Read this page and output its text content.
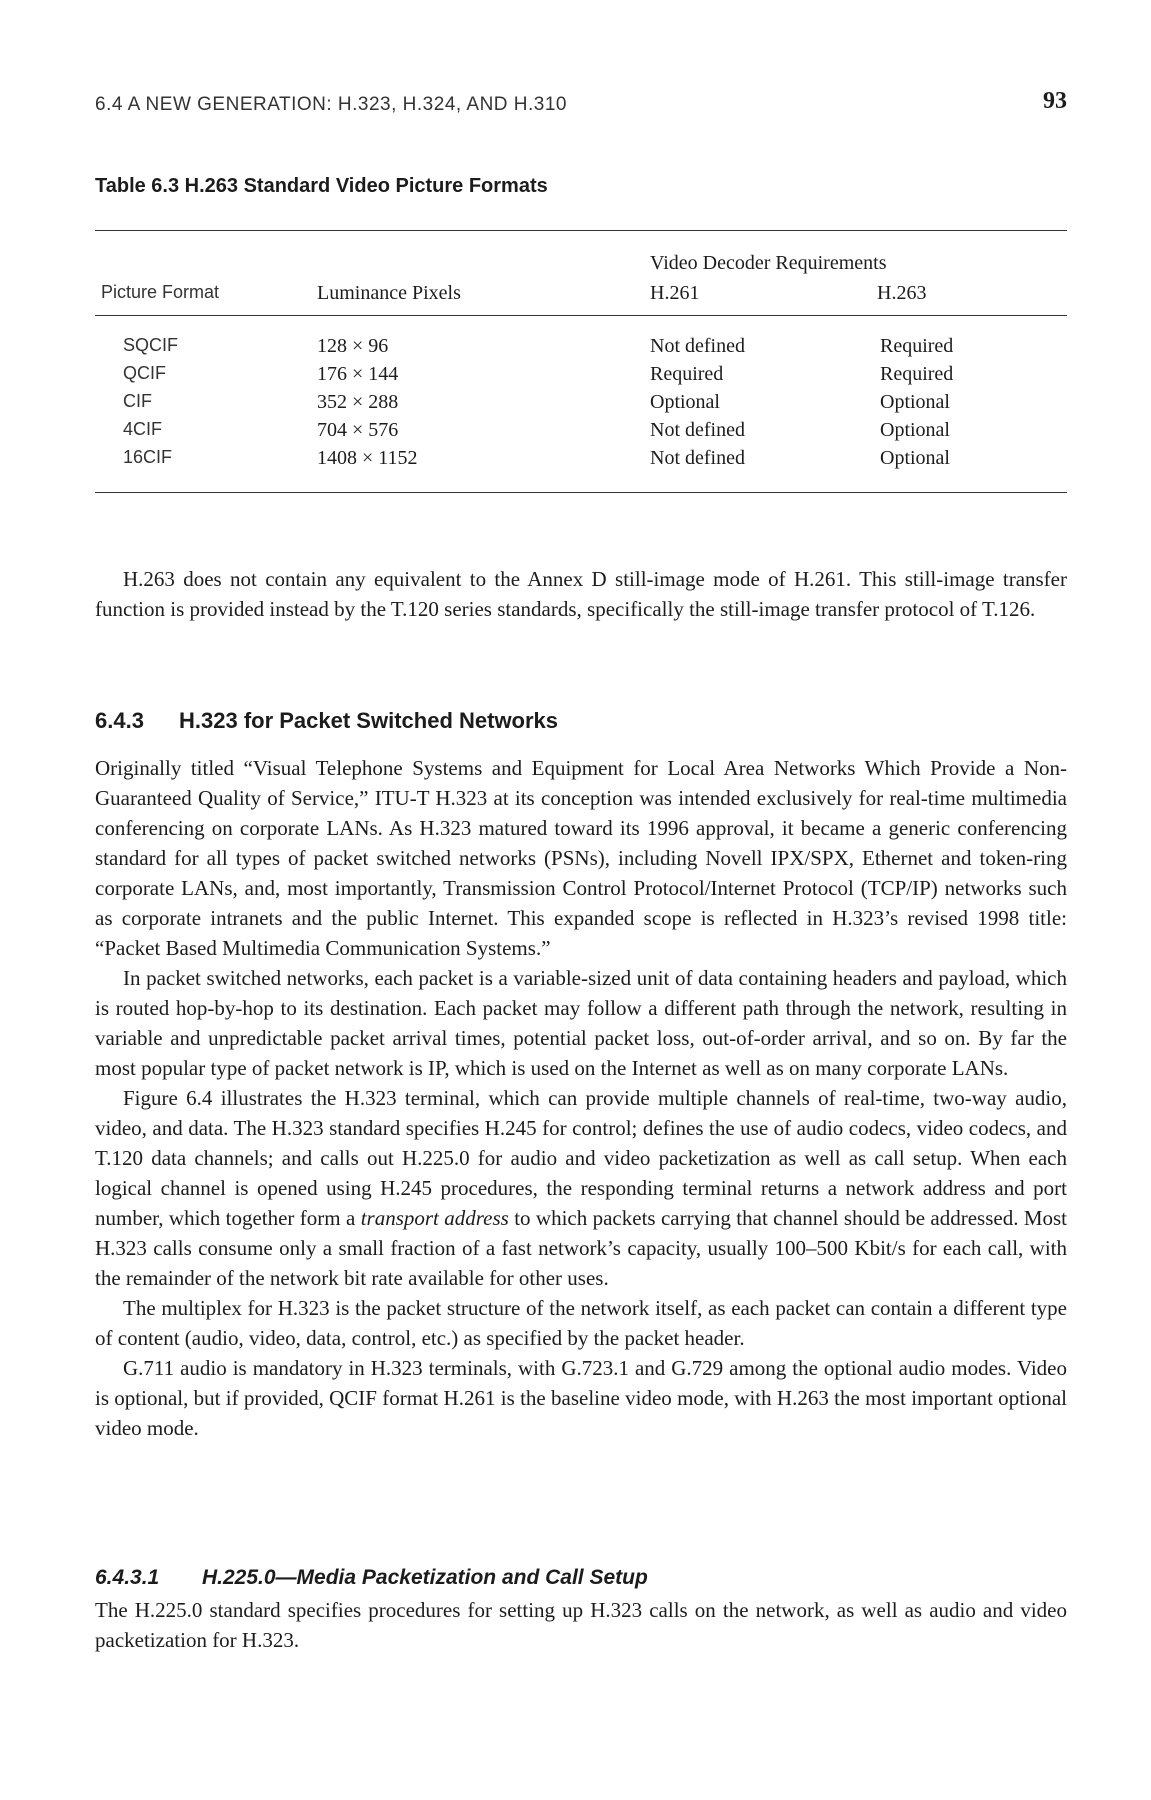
6.4 A NEW GENERATION: H.323, H.324, AND H.310	93
Table 6.3 H.263 Standard Video Picture Formats
Video Decoder Requirements
Picture Format	Luminance Pixels	H.261	H.263
SQCIF	128 × 96	Not defined	Required
QCIF	176 × 144	Required	Required
CIF	352 × 288	Optional	Optional
4CIF	704 × 576	Not defined	Optional
16CIF	1408 × 1152	Not defined	Optional

H.263 does not contain any equivalent to the Annex D still-image mode of H.261. This still-image transfer function is provided instead by the T.120 series standards, specifically the still-image transfer protocol of T.126.

6.4.3 H.323 for Packet Switched Networks

Originally titled “Visual Telephone Systems and Equipment for Local Area Networks Which Provide a Non-Guaranteed Quality of Service,” ITU-T H.323 at its conception was intended exclusively for real-time multimedia conferencing on corporate LANs. As H.323 matured toward its 1996 approval, it became a generic conferencing standard for all types of packet switched networks (PSNs), including Novell IPX/SPX, Ethernet and token-ring corporate LANs, and, most importantly, Transmission Control Protocol/Internet Protocol (TCP/IP) networks such as corporate intranets and the public Internet. This expanded scope is reflected in H.323’s revised 1998 title: “Packet Based Multimedia Communication Systems.”

In packet switched networks, each packet is a variable-sized unit of data containing headers and payload, which is routed hop-by-hop to its destination. Each packet may follow a different path through the network, resulting in variable and unpredictable packet arrival times, potential packet loss, out-of-order arrival, and so on. By far the most popular type of packet network is IP, which is used on the Internet as well as on many corporate LANs.

Figure 6.4 illustrates the H.323 terminal, which can provide multiple channels of real-time, two-way audio, video, and data. The H.323 standard specifies H.245 for control; defines the use of audio codecs, video codecs, and T.120 data channels; and calls out H.225.0 for audio and video packetization as well as call setup. When each logical channel is opened using H.245 procedures, the responding terminal returns a network address and port number, which together form a transport address to which packets carrying that channel should be addressed. Most H.323 calls consume only a small fraction of a fast network’s capacity, usually 100–500 Kbit/s for each call, with the remainder of the network bit rate available for other uses.

The multiplex for H.323 is the packet structure of the network itself, as each packet can contain a different type of content (audio, video, data, control, etc.) as specified by the packet header.

G.711 audio is mandatory in H.323 terminals, with G.723.1 and G.729 among the optional audio modes. Video is optional, but if provided, QCIF format H.261 is the baseline video mode, with H.263 the most important optional video mode.

6.4.3.1 H.225.0—Media Packetization and Call Setup

The H.225.0 standard specifies procedures for setting up H.323 calls on the network, as well as audio and video packetization for H.323.
